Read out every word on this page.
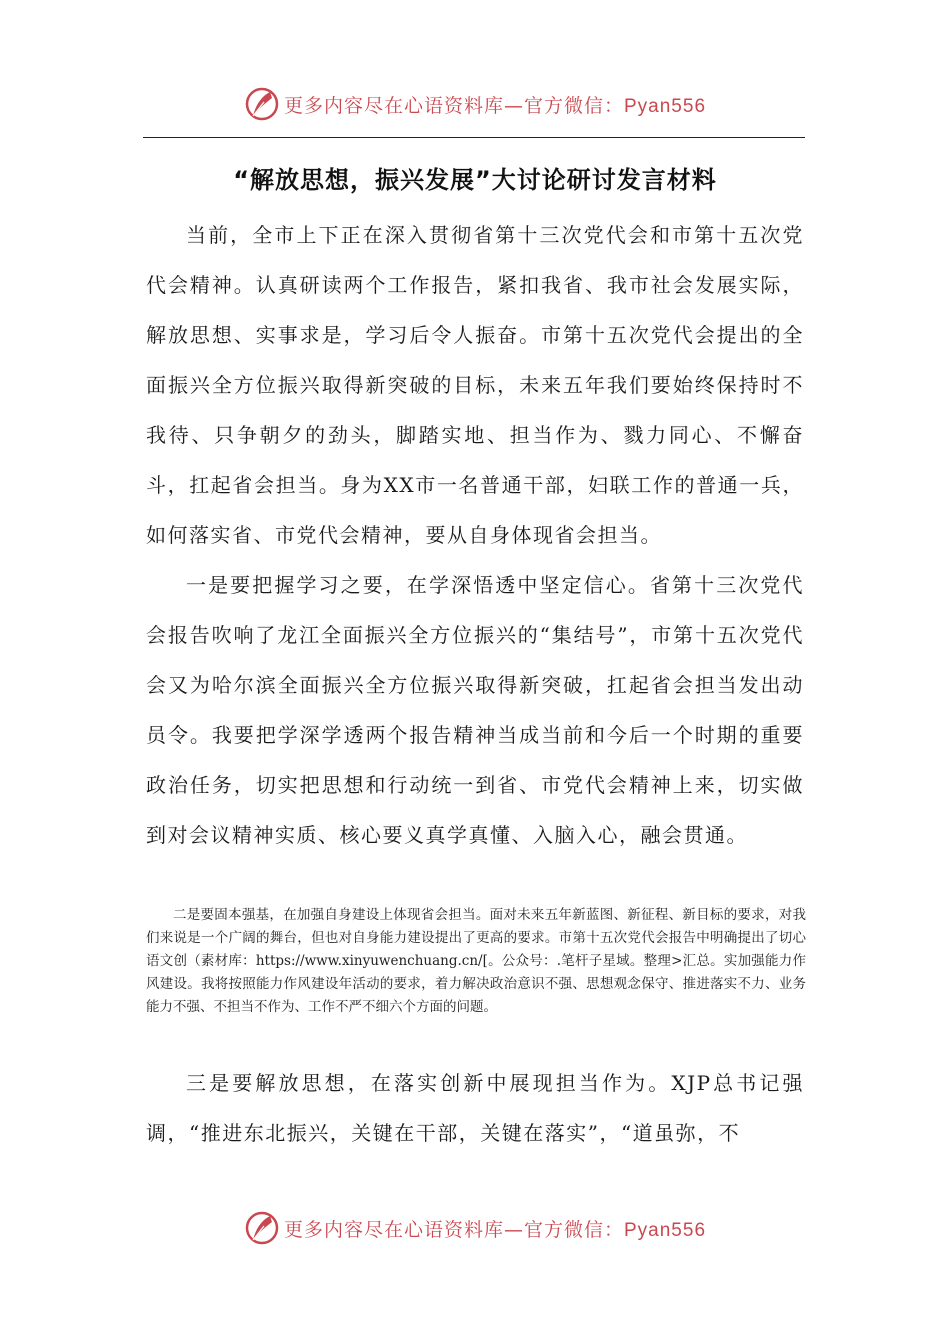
更多内容尽在心语资料库—官方微信：Pyan556
“解放思想，振兴发展”大讨论研讨发言材料

当前，全市上下正在深入贯彻省第十三次党代会和市第十五次党代会精神。认真研读两个工作报告，紧扣我省、我市社会发展实际，解放思想、实事求是，学习后令人振奋。市第十五次党代会提出的全面振兴全方位振兴取得新突破的目标，未来五年我们要始终保持时不我待、只争朝夕的劲头，脚踏实地、担当作为、戮力同心、不懈奋斗，扛起省会担当。身为XX市一名普通干部，妇联工作的普通一兵，如何落实省、市党代会精神，要从自身体现省会担当。

一是要把握学习之要，在学深悟透中坚定信心。省第十三次党代会报告吹响了龙江全面振兴全方位振兴的“集结号”，市第十五次党代会又为哈尔滨全面振兴全方位振兴取得新突破，扛起省会担当发出动员令。我要把学深学透两个报告精神当成当前和今后一个时期的重要政治任务，切实把思想和行动统一到省、市党代会精神上来，切实做到对会议精神实质、核心要义真学真懂、入脑入心，融会贯通。

二是要固本强基，在加强自身建设上体现省会担当。面对未来五年新蓝图、新征程、新目标的要求，对我们来说是一个广阔的舞台，但也对自身能力建设提出了更高的要求。市第十五次党代会报告中明确提出了切心语文创（素材库：https://www.xinyuwenchuang.cn/[。公众号：.笔杆子星域。整理>汇总。实加强能力作风建设。我将按照能力作风建设年活动的要求，着力解决政治意识不强、思想观念保守、推进落实不力、业务能力不强、不担当不作为、工作不严不细六个方面的问题。

三是要解放思想，在落实创新中展现担当作为。XJP总书记强调，“推进东北振兴，关键在干部，关键在落实”，“道虽弥，不

更多内容尽在心语资料库—官方微信：Pyan556
